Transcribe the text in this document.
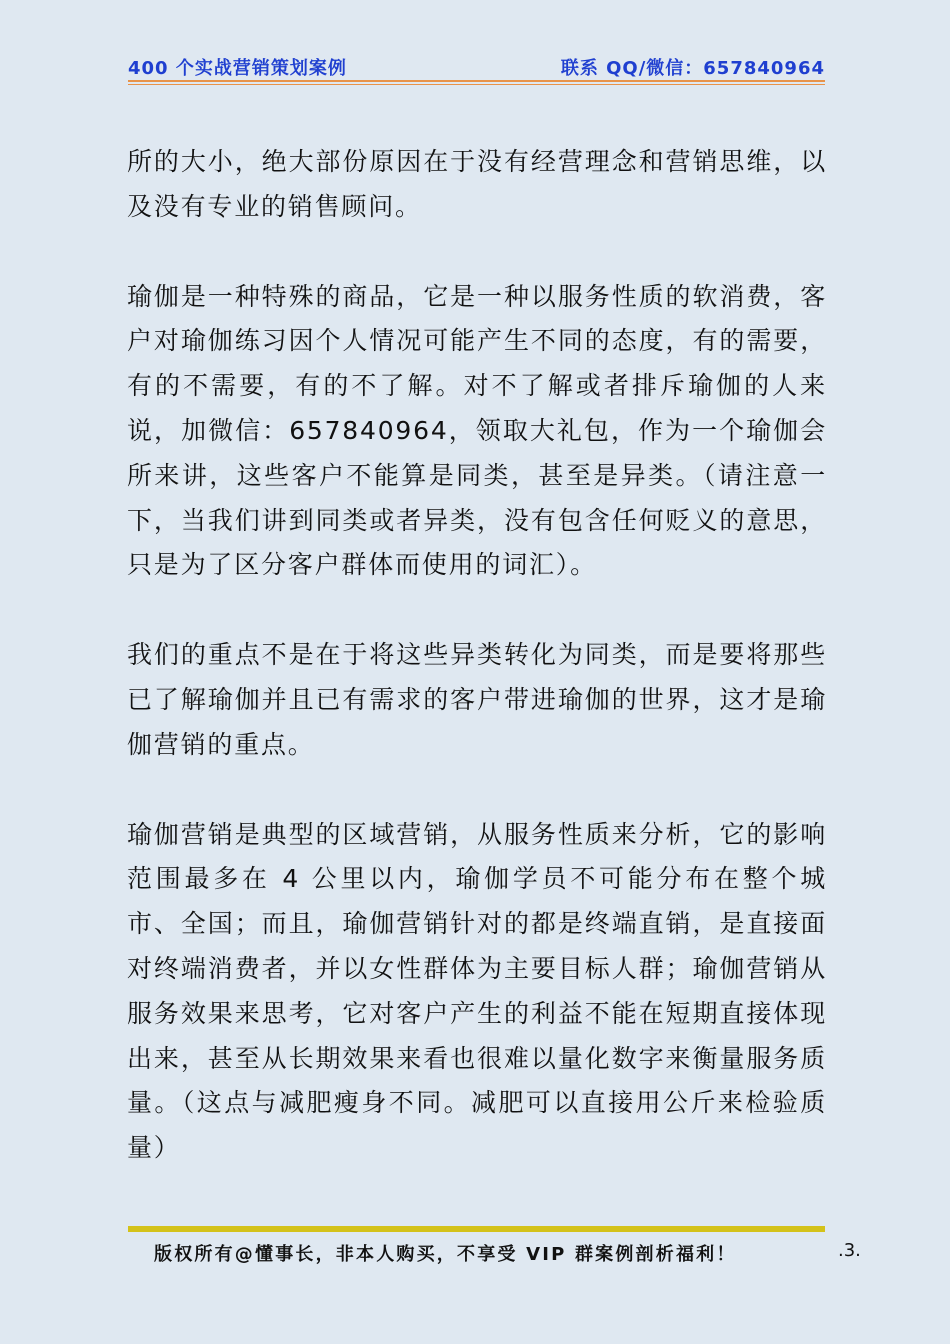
400 个实战营销策划案例	联系 QQ/微信：657840964

所的大小，绝大部份原因在于没有经营理念和营销思维，以及没有专业的销售顾问。

瑜伽是一种特殊的商品，它是一种以服务性质的软消费，客户对瑜伽练习因个人情况可能产生不同的态度，有的需要，有的不需要，有的不了解。对不了解或者排斥瑜伽的人来说，加微信：657840964，领取大礼包，作为一个瑜伽会所来讲，这些客户不能算是同类，甚至是异类。（请注意一下，当我们讲到同类或者异类，没有包含任何贬义的意思，只是为了区分客户群体而使用的词汇）。

我们的重点不是在于将这些异类转化为同类，而是要将那些已了解瑜伽并且已有需求的客户带进瑜伽的世界，这才是瑜伽营销的重点。

瑜伽营销是典型的区域营销，从服务性质来分析，它的影响范围最多在 4 公里以内，瑜伽学员不可能分布在整个城市、全国；而且，瑜伽营销针对的都是终端直销，是直接面对终端消费者，并以女性群体为主要目标人群；瑜伽营销从服务效果来思考，它对客户产生的利益不能在短期直接体现出来，甚至从长期效果来看也很难以量化数字来衡量服务质量。（这点与减肥瘦身不同。减肥可以直接用公斤来检验质量）

版权所有@懂事长，非本人购买，不享受 VIP 群案例剖析福利！	.3.
